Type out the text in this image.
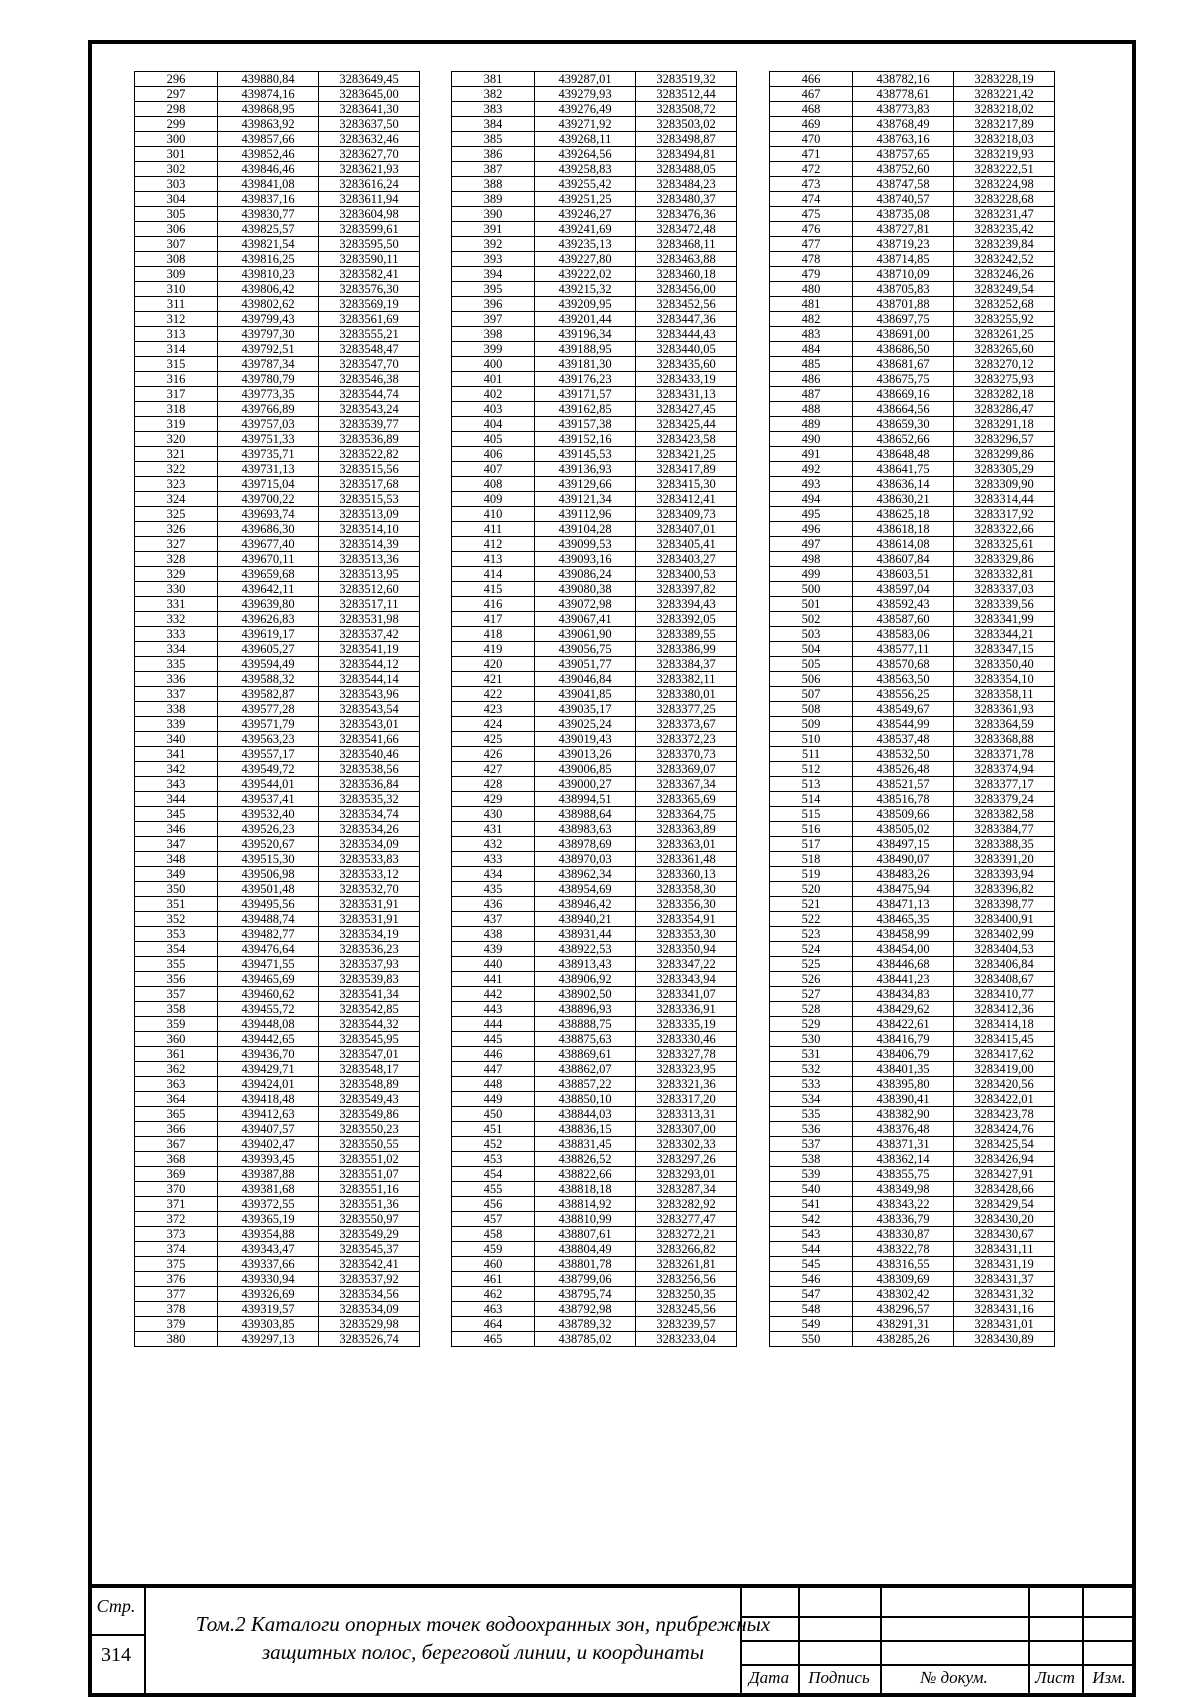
296	439880,84	3283649,45
297	439874,16	3283645,00
298	439868,95	3283641,30
299	439863,92	3283637,50
300	439857,66	3283632,46
301	439852,46	3283627,70
302	439846,46	3283621,93
303	439841,08	3283616,24
304	439837,16	3283611,94
305	439830,77	3283604,98
306	439825,57	3283599,61
307	439821,54	3283595,50
308	439816,25	3283590,11
309	439810,23	3283582,41
310	439806,42	3283576,30
311	439802,62	3283569,19
312	439799,43	3283561,69
313	439797,30	3283555,21
314	439792,51	3283548,47
315	439787,34	3283547,70
316	439780,79	3283546,38
317	439773,35	3283544,74
318	439766,89	3283543,24
319	439757,03	3283539,77
320	439751,33	3283536,89
321	439735,71	3283522,82
322	439731,13	3283515,56
323	439715,04	3283517,68
324	439700,22	3283515,53
325	439693,74	3283513,09
326	439686,30	3283514,10
327	439677,40	3283514,39
328	439670,11	3283513,36
329	439659,68	3283513,95
330	439642,11	3283512,60
331	439639,80	3283517,11
332	439626,83	3283531,98
333	439619,17	3283537,42
334	439605,27	3283541,19
335	439594,49	3283544,12
336	439588,32	3283544,14
337	439582,87	3283543,96
338	439577,28	3283543,54
339	439571,79	3283543,01
340	439563,23	3283541,66
341	439557,17	3283540,46
342	439549,72	3283538,56
343	439544,01	3283536,84
344	439537,41	3283535,32
345	439532,40	3283534,74
346	439526,23	3283534,26
347	439520,67	3283534,09
348	439515,30	3283533,83
349	439506,98	3283533,12
350	439501,48	3283532,70
351	439495,56	3283531,91
352	439488,74	3283531,91
353	439482,77	3283534,19
354	439476,64	3283536,23
355	439471,55	3283537,93
356	439465,69	3283539,83
357	439460,62	3283541,34
358	439455,72	3283542,85
359	439448,08	3283544,32
360	439442,65	3283545,95
361	439436,70	3283547,01
362	439429,71	3283548,17
363	439424,01	3283548,89
364	439418,48	3283549,43
365	439412,63	3283549,86
366	439407,57	3283550,23
367	439402,47	3283550,55
368	439393,45	3283551,02
369	439387,88	3283551,07
370	439381,68	3283551,16
371	439372,55	3283551,36
372	439365,19	3283550,97
373	439354,88	3283549,29
374	439343,47	3283545,37
375	439337,66	3283542,41
376	439330,94	3283537,92
377	439326,69	3283534,56
378	439319,57	3283534,09
379	439303,85	3283529,98
380	439297,13	3283526,74
381	439287,01	3283519,32
382	439279,93	3283512,44
383	439276,49	3283508,72
384	439271,92	3283503,02
385	439268,11	3283498,87
386	439264,56	3283494,81
387	439258,83	3283488,05
388	439255,42	3283484,23
389	439251,25	3283480,37
390	439246,27	3283476,36
391	439241,69	3283472,48
392	439235,13	3283468,11
393	439227,80	3283463,88
394	439222,02	3283460,18
395	439215,32	3283456,00
396	439209,95	3283452,56
397	439201,44	3283447,36
398	439196,34	3283444,43
399	439188,95	3283440,05
400	439181,30	3283435,60
401	439176,23	3283433,19
402	439171,57	3283431,13
403	439162,85	3283427,45
404	439157,38	3283425,44
405	439152,16	3283423,58
406	439145,53	3283421,25
407	439136,93	3283417,89
408	439129,66	3283415,30
409	439121,34	3283412,41
410	439112,96	3283409,73
411	439104,28	3283407,01
412	439099,53	3283405,41
413	439093,16	3283403,27
414	439086,24	3283400,53
415	439080,38	3283397,82
416	439072,98	3283394,43
417	439067,41	3283392,05
418	439061,90	3283389,55
419	439056,75	3283386,99
420	439051,77	3283384,37
421	439046,84	3283382,11
422	439041,85	3283380,01
423	439035,17	3283377,25
424	439025,24	3283373,67
425	439019,43	3283372,23
426	439013,26	3283370,73
427	439006,85	3283369,07
428	439000,27	3283367,34
429	438994,51	3283365,69
430	438988,64	3283364,75
431	438983,63	3283363,89
432	438978,69	3283363,01
433	438970,03	3283361,48
434	438962,34	3283360,13
435	438954,69	3283358,30
436	438946,42	3283356,30
437	438940,21	3283354,91
438	438931,44	3283353,30
439	438922,53	3283350,94
440	438913,43	3283347,22
441	438906,92	3283343,94
442	438902,50	3283341,07
443	438896,93	3283336,91
444	438888,75	3283335,19
445	438875,63	3283330,46
446	438869,61	3283327,78
447	438862,07	3283323,95
448	438857,22	3283321,36
449	438850,10	3283317,20
450	438844,03	3283313,31
451	438836,15	3283307,00
452	438831,45	3283302,33
453	438826,52	3283297,26
454	438822,66	3283293,01
455	438818,18	3283287,34
456	438814,92	3283282,92
457	438810,99	3283277,47
458	438807,61	3283272,21
459	438804,49	3283266,82
460	438801,78	3283261,81
461	438799,06	3283256,56
462	438795,74	3283250,35
463	438792,98	3283245,56
464	438789,32	3283239,57
465	438785,02	3283233,04
466	438782,16	3283228,19
467	438778,61	3283221,42
468	438773,83	3283218,02
469	438768,49	3283217,89
470	438763,16	3283218,03
471	438757,65	3283219,93
472	438752,60	3283222,51
473	438747,58	3283224,98
474	438740,57	3283228,68
475	438735,08	3283231,47
476	438727,81	3283235,42
477	438719,23	3283239,84
478	438714,85	3283242,52
479	438710,09	3283246,26
480	438705,83	3283249,54
481	438701,88	3283252,68
482	438697,75	3283255,92
483	438691,00	3283261,25
484	438686,50	3283265,60
485	438681,67	3283270,12
486	438675,75	3283275,93
487	438669,16	3283282,18
488	438664,56	3283286,47
489	438659,30	3283291,18
490	438652,66	3283296,57
491	438648,48	3283299,86
492	438641,75	3283305,29
493	438636,14	3283309,90
494	438630,21	3283314,44
495	438625,18	3283317,92
496	438618,18	3283322,66
497	438614,08	3283325,61
498	438607,84	3283329,86
499	438603,51	3283332,81
500	438597,04	3283337,03
501	438592,43	3283339,56
502	438587,60	3283341,99
503	438583,06	3283344,21
504	438577,11	3283347,15
505	438570,68	3283350,40
506	438563,50	3283354,10
507	438556,25	3283358,11
508	438549,67	3283361,93
509	438544,99	3283364,59
510	438537,48	3283368,88
511	438532,50	3283371,78
512	438526,48	3283374,94
513	438521,57	3283377,17
514	438516,78	3283379,24
515	438509,66	3283382,58
516	438505,02	3283384,77
517	438497,15	3283388,35
518	438490,07	3283391,20
519	438483,26	3283393,94
520	438475,94	3283396,82
521	438471,13	3283398,77
522	438465,35	3283400,91
523	438458,99	3283402,99
524	438454,00	3283404,53
525	438446,68	3283406,84
526	438441,23	3283408,67
527	438434,83	3283410,77
528	438429,62	3283412,36
529	438422,61	3283414,18
530	438416,79	3283415,45
531	438406,79	3283417,62
532	438401,35	3283419,00
533	438395,80	3283420,56
534	438390,41	3283422,01
535	438382,90	3283423,78
536	438376,48	3283424,76
537	438371,31	3283425,54
538	438362,14	3283426,94
539	438355,75	3283427,91
540	438349,98	3283428,66
541	438343,22	3283429,54
542	438336,79	3283430,20
543	438330,87	3283430,67
544	438322,78	3283431,11
545	438316,55	3283431,19
546	438309,69	3283431,37
547	438302,42	3283431,32
548	438296,57	3283431,16
549	438291,31	3283431,01
550	438285,26	3283430,89
Стр.
314
Том.2 Каталоги опорных точек водоохранных зон, прибрежных
защитных полос, береговой линии, и координаты
Дата	Подпись	№ докум.	Лист	Изм.
